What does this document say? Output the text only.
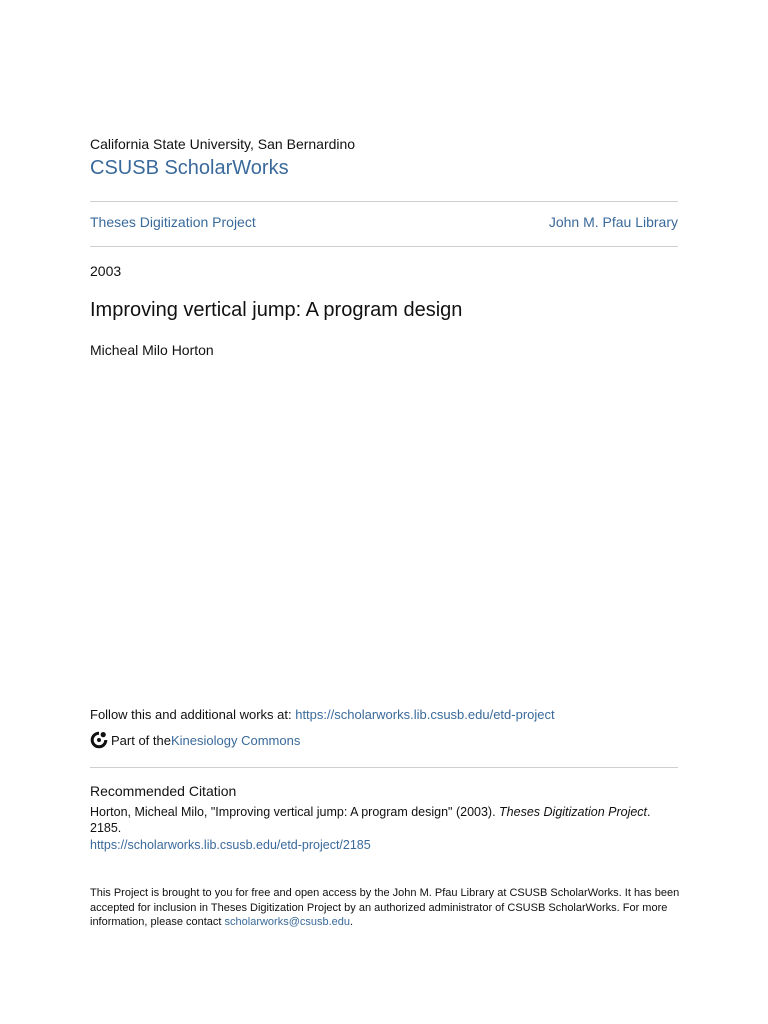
California State University, San Bernardino
CSUSB ScholarWorks
Theses Digitization Project	John M. Pfau Library
2003
Improving vertical jump: A program design
Micheal Milo Horton
Follow this and additional works at: https://scholarworks.lib.csusb.edu/etd-project
Part of the Kinesiology Commons
Recommended Citation
Horton, Micheal Milo, "Improving vertical jump: A program design" (2003). Theses Digitization Project. 2185.
https://scholarworks.lib.csusb.edu/etd-project/2185
This Project is brought to you for free and open access by the John M. Pfau Library at CSUSB ScholarWorks. It has been accepted for inclusion in Theses Digitization Project by an authorized administrator of CSUSB ScholarWorks. For more information, please contact scholarworks@csusb.edu.
